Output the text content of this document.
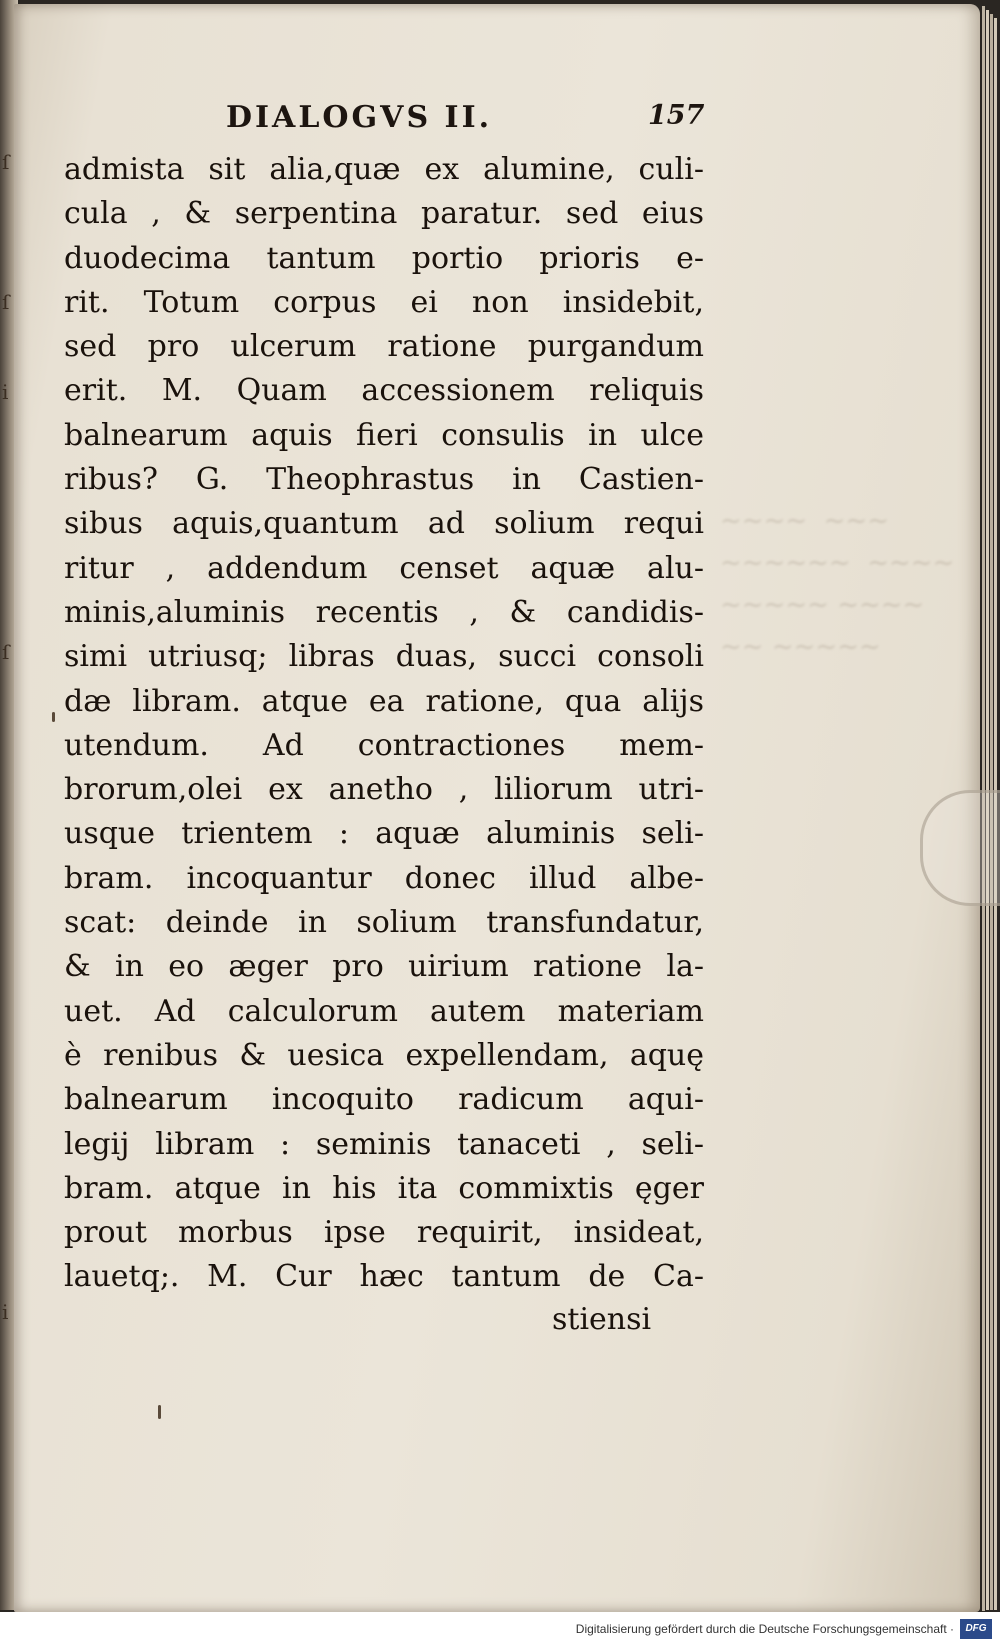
ſ
ſ
i
ſ
i
~~~~  ~~~
~~~~~~  ~~~~
~~~~~ ~~~~
~~ ~~~~~
DIALOGVS II.	157
admista sit alia,quæ ex alumine, culi-
cula , & serpentina paratur. sed eius
duodecima tantum portio prioris e-
rit. Totum corpus ei non insidebit,
sed pro ulcerum ratione purgandum
erit. M. Quam accessionem reliquis
balnearum aquis fieri consulis in ulce
ribus? G. Theophrastus in Castien-
sibus aquis,quantum ad solium requi
ritur , addendum censet aquæ alu-
minis,aluminis recentis , & candidis-
simi utriusq; libras duas, succi consoli
dæ libram. atque ea ratione, qua alijs
utendum. Ad contractiones mem-
brorum,olei ex anetho , liliorum utri-
usque trientem : aquæ aluminis seli-
bram. incoquantur donec illud albe-
scat: deinde in solium transfundatur,
& in eo æger pro uirium ratione la-
uet. Ad calculorum autem materiam
è renibus & uesica expellendam, aquę
balnearum incoquito radicum aqui-
legij libram : seminis tanaceti , seli-
bram. atque in his ita commixtis ęger
prout morbus ipse requirit, insideat,
lauetq;. M. Cur hæc tantum de Ca-
stiensi
Digitalisierung gefördert durch die Deutsche Forschungsgemeinschaft ·	DFG
